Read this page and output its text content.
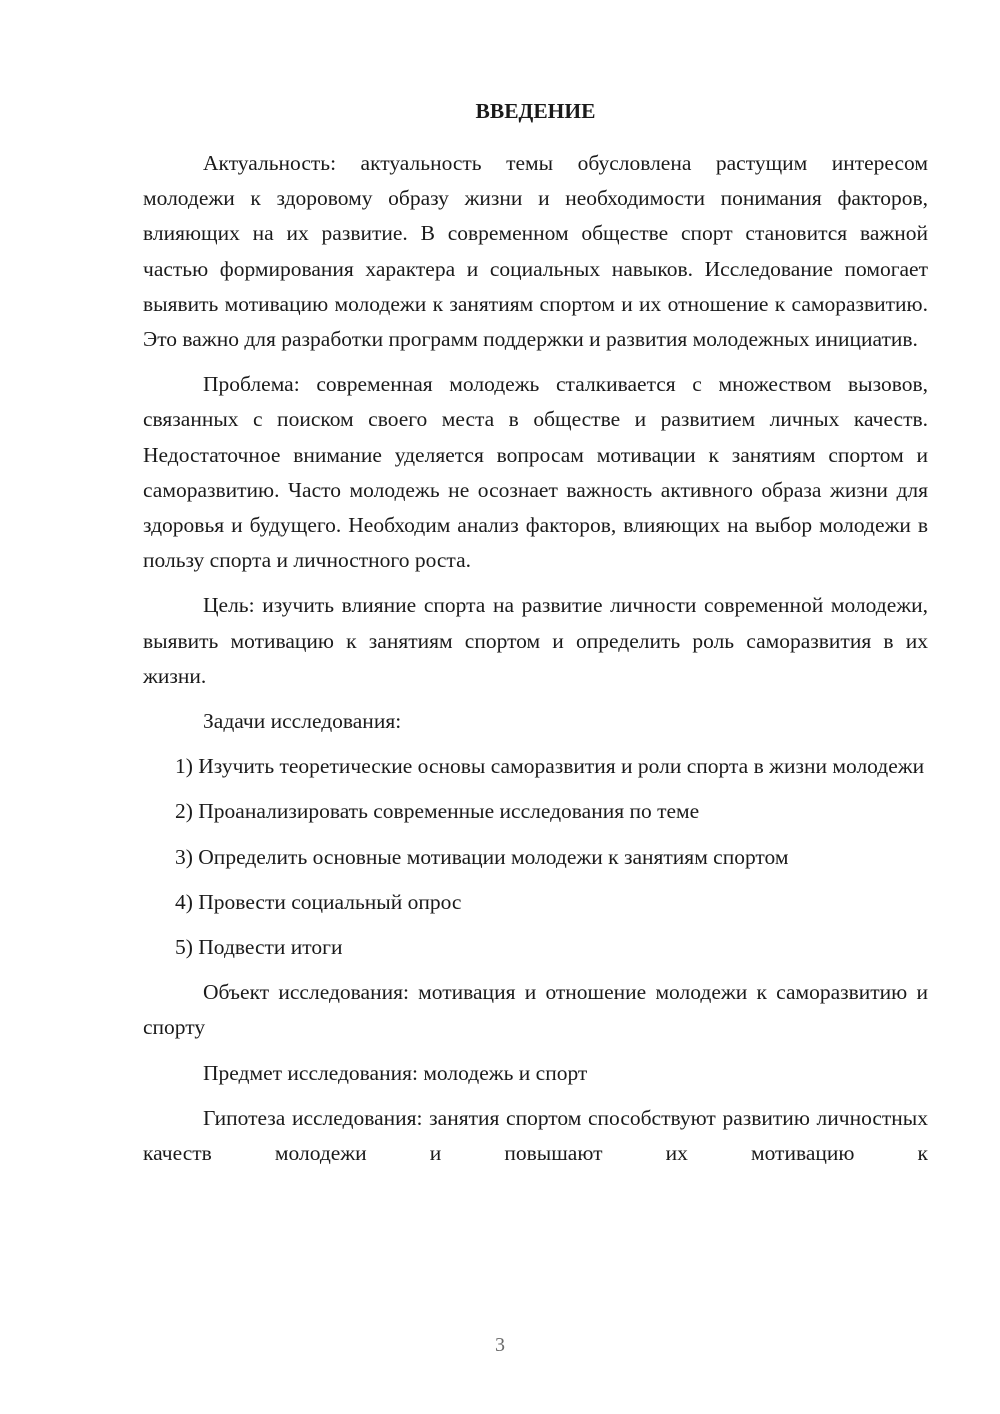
ВВЕДЕНИЕ

Актуальность: актуальность темы обусловлена растущим интересом молодежи к здоровому образу жизни и необходимости понимания факторов, влияющих на их развитие. В современном обществе спорт становится важной частью формирования характера и социальных навыков. Исследование помогает выявить мотивацию молодежи к занятиям спортом и их отношение к саморазвитию. Это важно для разработки программ поддержки и развития молодежных инициатив.

Проблема: современная молодежь сталкивается с множеством вызовов, связанных с поиском своего места в обществе и развитием личных качеств. Недостаточное внимание уделяется вопросам мотивации к занятиям спортом и саморазвитию. Часто молодежь не осознает важность активного образа жизни для здоровья и будущего. Необходим анализ факторов, влияющих на выбор молодежи в пользу спорта и личностного роста.

Цель: изучить влияние спорта на развитие личности современной молодежи, выявить мотивацию к занятиям спортом и определить роль саморазвития в их жизни.

Задачи исследования:

1) Изучить теоретические основы саморазвития и роли спорта в жизни молодежи

2) Проанализировать современные исследования по теме

3) Определить основные мотивации молодежи к занятиям спортом

4) Провести социальный опрос

5) Подвести итоги

Объект исследования: мотивация и отношение молодежи к саморазвитию и спорту

Предмет исследования: молодежь и спорт

Гипотеза исследования: занятия спортом способствуют развитию личностных качеств молодежи и повышают их мотивацию к

3
